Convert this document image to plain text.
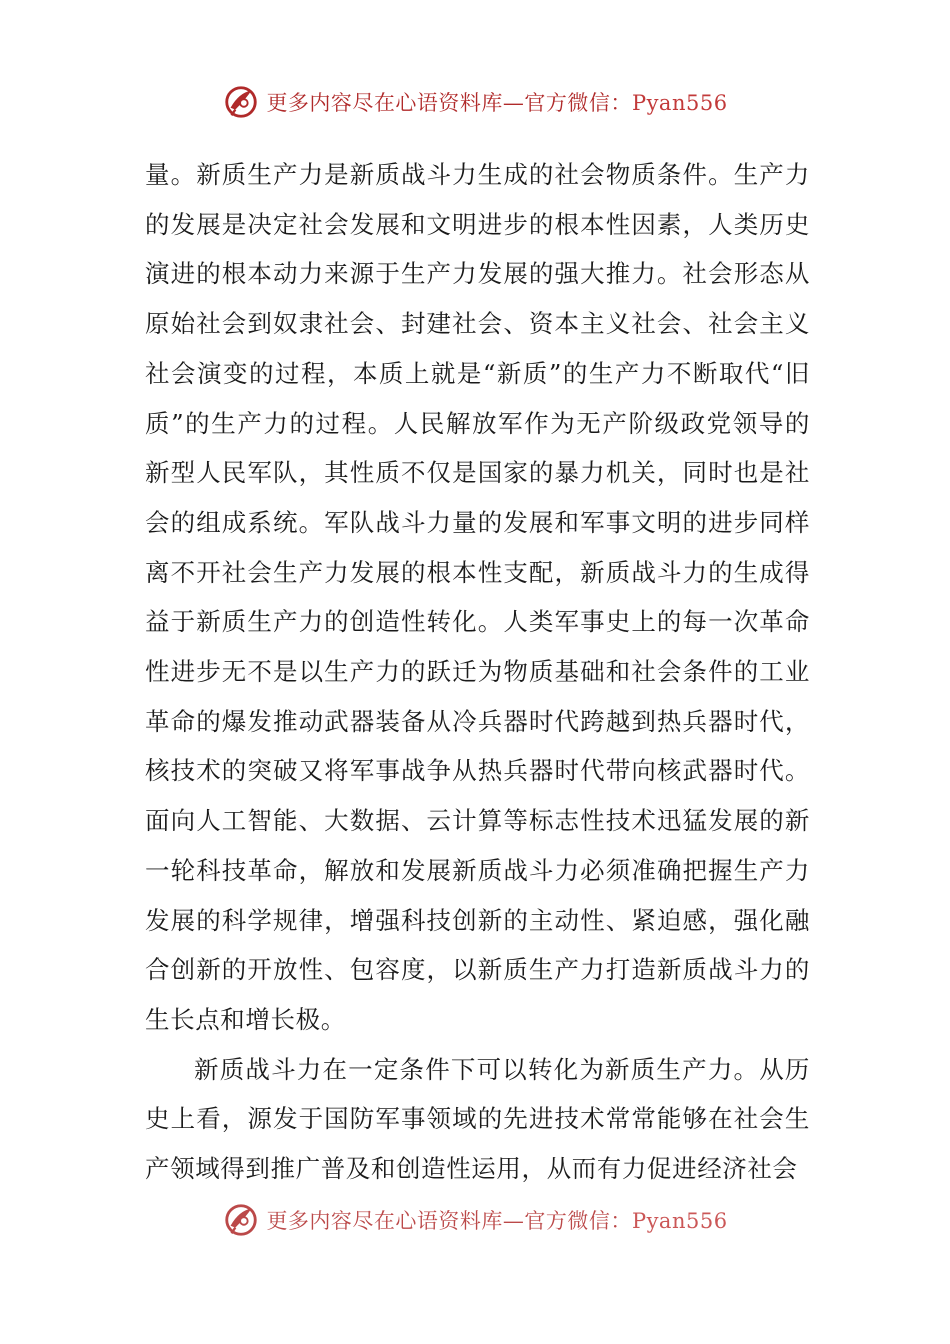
更多内容尽在心语资料库—官方微信：Pyan556

量。新质生产力是新质战斗力生成的社会物质条件。生产力的发展是决定社会发展和文明进步的根本性因素，人类历史演进的根本动力来源于生产力发展的强大推力。社会形态从原始社会到奴隶社会、封建社会、资本主义社会、社会主义社会演变的过程，本质上就是“新质”的生产力不断取代“旧质”的生产力的过程。人民解放军作为无产阶级政党领导的新型人民军队，其性质不仅是国家的暴力机关，同时也是社会的组成系统。军队战斗力量的发展和军事文明的进步同样离不开社会生产力发展的根本性支配，新质战斗力的生成得益于新质生产力的创造性转化。人类军事史上的每一次革命性进步无不是以生产力的跃迁为物质基础和社会条件的工业革命的爆发推动武器装备从冷兵器时代跨越到热兵器时代，核技术的突破又将军事战争从热兵器时代带向核武器时代。面向人工智能、大数据、云计算等标志性技术迅猛发展的新一轮科技革命，解放和发展新质战斗力必须准确把握生产力发展的科学规律，增强科技创新的主动性、紧迫感，强化融合创新的开放性、包容度，以新质生产力打造新质战斗力的生长点和增长极。

新质战斗力在一定条件下可以转化为新质生产力。从历史上看，源发于国防军事领域的先进技术常常能够在社会生产领域得到推广普及和创造性运用，从而有力促进经济社会

更多内容尽在心语资料库—官方微信：Pyan556
